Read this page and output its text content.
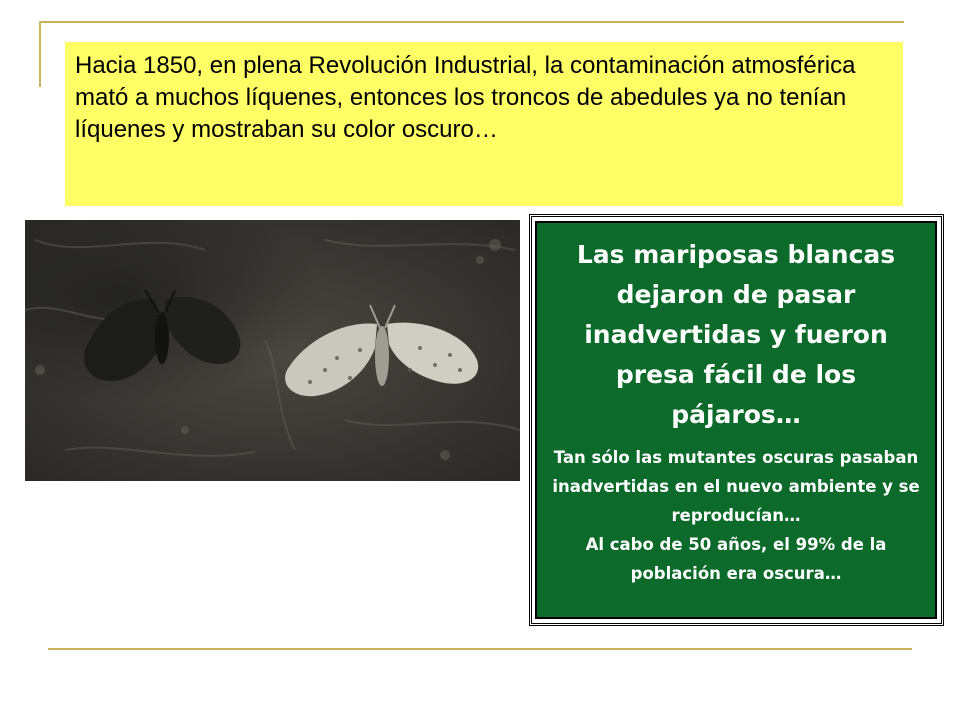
Hacia 1850, en plena Revolución Industrial, la contaminación atmosférica mató a muchos líquenes, entonces los troncos de abedules ya no tenían líquenes y mostraban su color oscuro…
Las mariposas blancas dejaron de pasar inadvertidas y fueron presa fácil de los pájaros…
Tan sólo las mutantes oscuras pasaban inadvertidas en el nuevo ambiente y se reproducían…
Al cabo de 50 años, el 99% de la población era oscura…
